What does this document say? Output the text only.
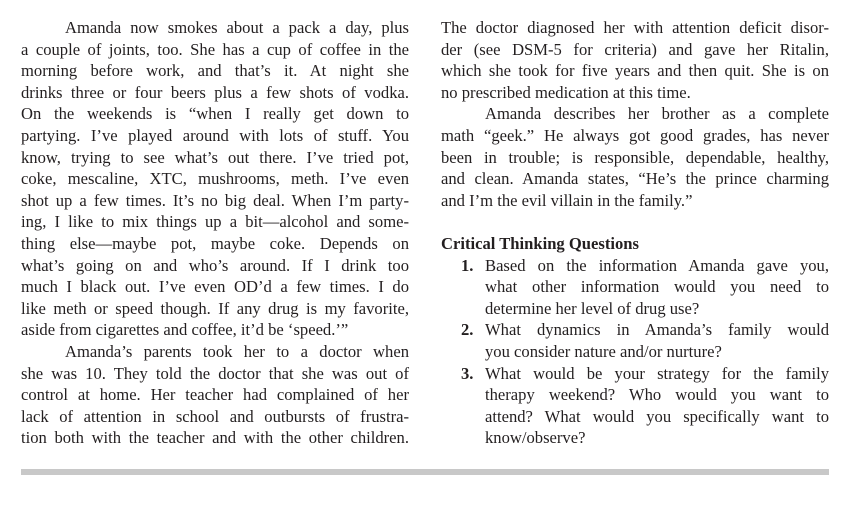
Amanda now smokes about a pack a day, plus
a couple of joints, too. She has a cup of coffee in the
morning before work, and that’s it. At night she
drinks three or four beers plus a few shots of vodka.
On the weekends is “when I really get down to
partying. I’ve played around with lots of stuff. You
know, trying to see what’s out there. I’ve tried pot,
coke, mescaline, XTC, mushrooms, meth. I’ve even
shot up a few times. It’s no big deal. When I’m party-
ing, I like to mix things up a bit—alcohol and some-
thing else—maybe pot, maybe coke. Depends on
what’s going on and who’s around. If I drink too
much I black out. I’ve even OD’d a few times. I do
like meth or speed though. If any drug is my favorite,
aside from cigarettes and coffee, it’d be ‘speed.’”
Amanda’s parents took her to a doctor when
she was 10. They told the doctor that she was out of
control at home. Her teacher had complained of her
lack of attention in school and outbursts of frustra-
tion both with the teacher and with the other children.
The doctor diagnosed her with attention deficit disor-
der (see DSM-5 for criteria) and gave her Ritalin,
which she took for five years and then quit. She is on
no prescribed medication at this time.
Amanda describes her brother as a complete
math “geek.” He always got good grades, has never
been in trouble; is responsible, dependable, healthy,
and clean. Amanda states, “He’s the prince charming
and I’m the evil villain in the family.”
Critical Thinking Questions
1. Based on the information Amanda gave you,
what other information would you need to
determine her level of drug use?
2. What dynamics in Amanda’s family would
you consider nature and/or nurture?
3. What would be your strategy for the family
therapy weekend? Who would you want to
attend? What would you specifically want to
know/observe?
